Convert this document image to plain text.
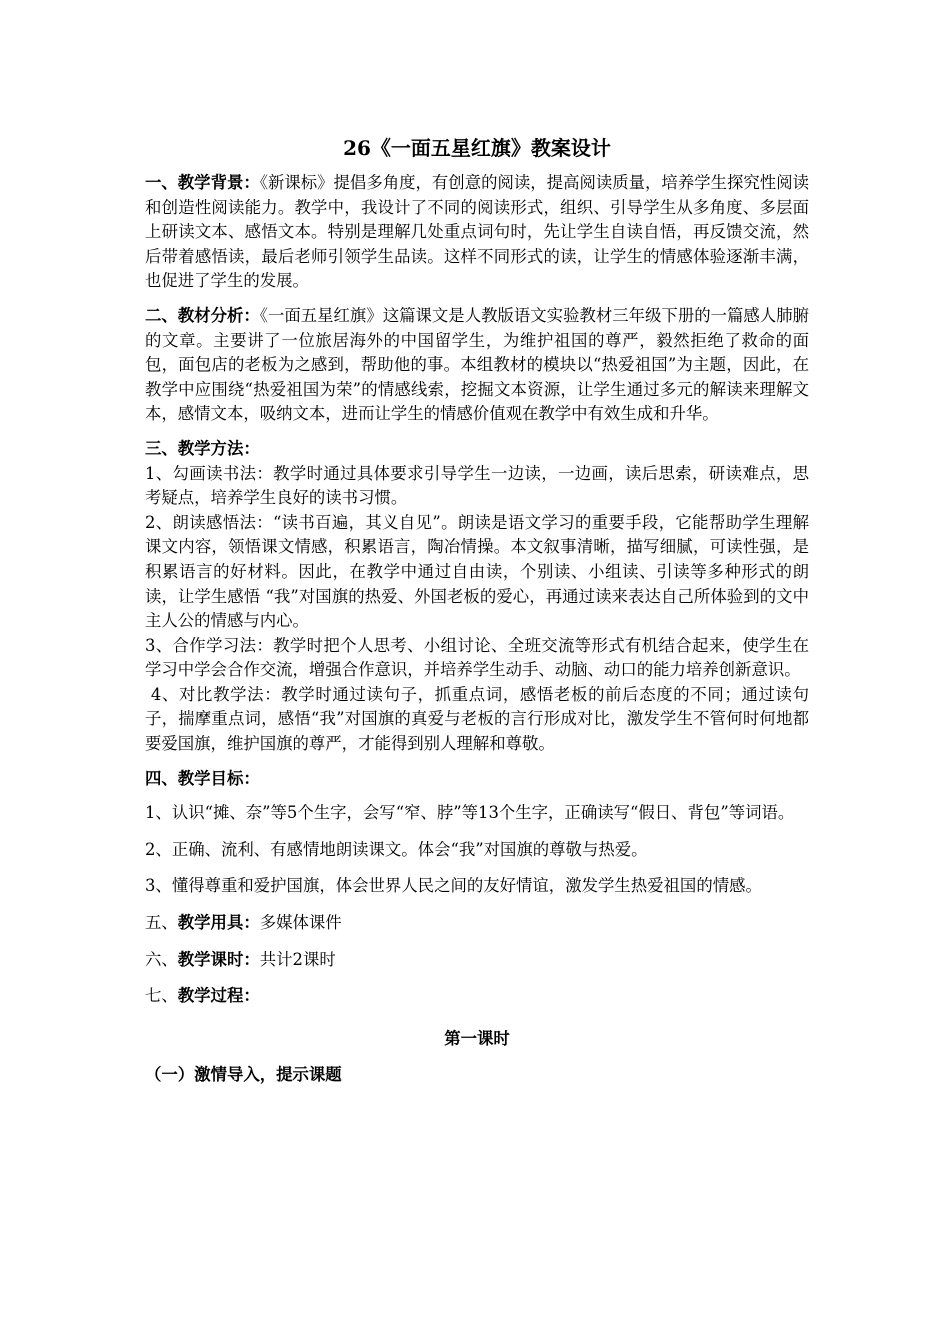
26《一面五星红旗》教案设计

一、教学背景：《新课标》提倡多角度，有创意的阅读，提高阅读质量，培养学生探究性阅读和创造性阅读能力。教学中，我设计了不同的阅读形式，组织、引导学生从多角度、多层面上研读文本、感悟文本。特别是理解几处重点词句时，先让学生自读自悟，再反馈交流，然后带着感悟读，最后老师引领学生品读。这样不同形式的读，让学生的情感体验逐渐丰满，也促进了学生的发展。

二、教材分析：《一面五星红旗》这篇课文是人教版语文实验教材三年级下册的一篇感人肺腑的文章。主要讲了一位旅居海外的中国留学生，为维护祖国的尊严，毅然拒绝了救命的面包，面包店的老板为之感到，帮助他的事。本组教材的模块以“热爱祖国”为主题，因此，在教学中应围绕“热爱祖国为荣”的情感线索，挖掘文本资源，让学生通过多元的解读来理解文本，感情文本，吸纳文本，进而让学生的情感价值观在教学中有效生成和升华。

三、教学方法：

1、勾画读书法：教学时通过具体要求引导学生一边读，一边画，读后思索，研读难点，思考疑点，培养学生良好的读书习惯。

2、朗读感悟法：“读书百遍，其义自见”。朗读是语文学习的重要手段，它能帮助学生理解课文内容，领悟课文情感，积累语言，陶冶情操。本文叙事清晰，描写细腻，可读性强，是积累语言的好材料。因此，在教学中通过自由读，个别读、小组读、引读等多种形式的朗读，让学生感悟 “我”对国旗的热爱、外国老板的爱心，再通过读来表达自己所体验到的文中主人公的情感与内心。

3、合作学习法：教学时把个人思考、小组讨论、全班交流等形式有机结合起来，使学生在学习中学会合作交流，增强合作意识，并培养学生动手、动脑、动口的能力培养创新意识。

4、对比教学法：教学时通过读句子，抓重点词，感悟老板的前后态度的不同；通过读句子，揣摩重点词，感悟“我”对国旗的真爱与老板的言行形成对比，激发学生不管何时何地都要爱国旗，维护国旗的尊严，才能得到别人理解和尊敬。

四、教学目标：

1、认识“摊、奈”等5个生字，会写“窄、脖”等13个生字，正确读写“假日、背包”等词语。

2、正确、流利、有感情地朗读课文。体会“我”对国旗的尊敬与热爱。

3、懂得尊重和爱护国旗，体会世界人民之间的友好情谊，激发学生热爱祖国的情感。

五、教学用具：多媒体课件

六、教学课时：共计2课时

七、教学过程：

第一课时

（一）激情导入，提示课题
